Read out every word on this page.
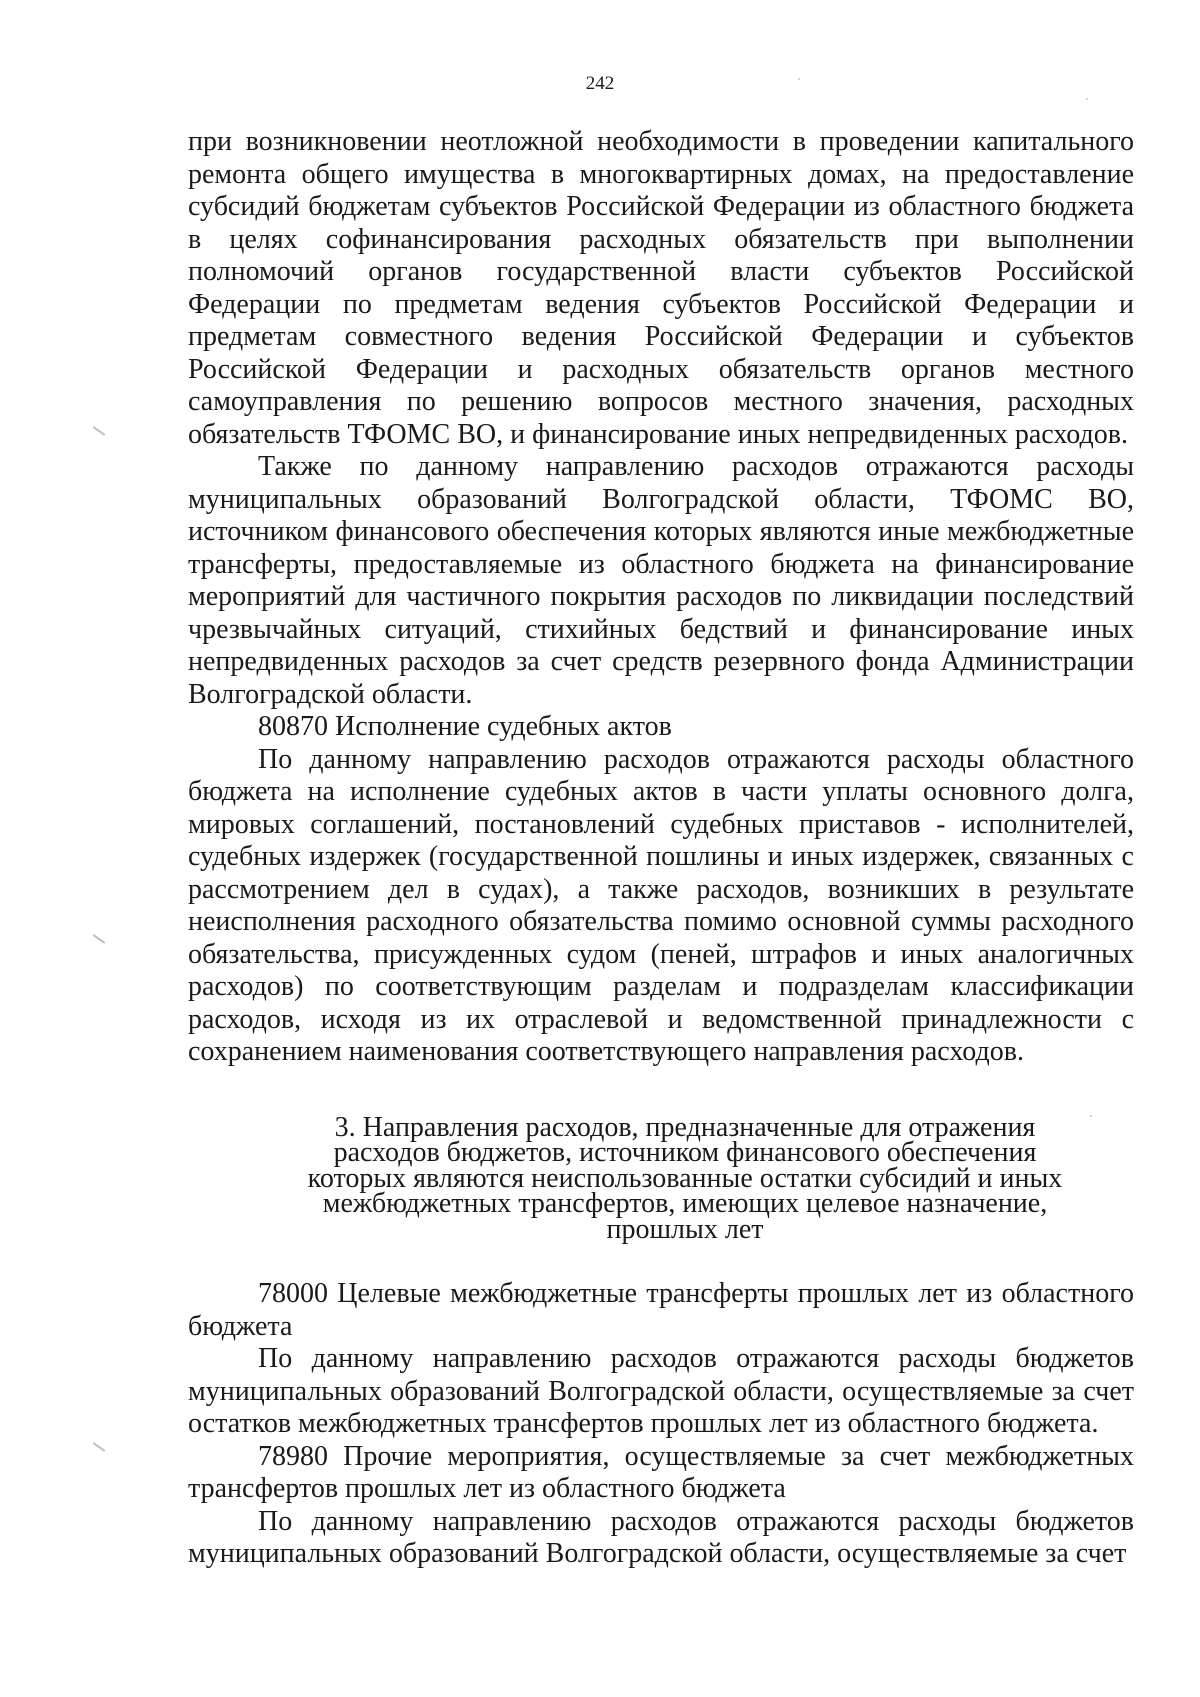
242

при возникновении неотложной необходимости в проведении капитального ремонта общего имущества в многоквартирных домах, на предоставление субсидий бюджетам субъектов Российской Федерации из областного бюджета в целях софинансирования расходных обязательств при выполнении полномочий органов государственной власти субъектов Российской Федерации по предметам ведения субъектов Российской Федерации и предметам совместного ведения Российской Федерации и субъектов Российской Федерации и расходных обязательств органов местного самоуправления по решению вопросов местного значения, расходных обязательств ТФОМС ВО, и финансирование иных непредвиденных расходов.

Также по данному направлению расходов отражаются расходы муниципальных образований Волгоградской области, ТФОМС ВО, источником финансового обеспечения которых являются иные межбюджетные трансферты, предоставляемые из областного бюджета на финансирование мероприятий для частичного покрытия расходов по ликвидации последствий чрезвычайных ситуаций, стихийных бедствий и финансирование иных непредвиденных расходов за счет средств резервного фонда Администрации Волгоградской области.

80870 Исполнение судебных актов

По данному направлению расходов отражаются расходы областного бюджета на исполнение судебных актов в части уплаты основного долга, мировых соглашений, постановлений судебных приставов - исполнителей, судебных издержек (государственной пошлины и иных издержек, связанных с рассмотрением дел в судах), а также расходов, возникших в результате неисполнения расходного обязательства помимо основной суммы расходного обязательства, присужденных судом (пеней, штрафов и иных аналогичных расходов) по соответствующим разделам и подразделам классификации расходов, исходя из их отраслевой и ведомственной принадлежности с сохранением наименования соответствующего направления расходов.

3. Направления расходов, предназначенные для отражения расходов бюджетов, источником финансового обеспечения которых являются неиспользованные остатки субсидий и иных межбюджетных трансфертов, имеющих целевое назначение, прошлых лет

78000 Целевые межбюджетные трансферты прошлых лет из областного бюджета

По данному направлению расходов отражаются расходы бюджетов муниципальных образований Волгоградской области, осуществляемые за счет остатков межбюджетных трансфертов прошлых лет из областного бюджета.

78980 Прочие мероприятия, осуществляемые за счет межбюджетных трансфертов прошлых лет из областного бюджета

По данному направлению расходов отражаются расходы бюджетов муниципальных образований Волгоградской области, осуществляемые за счет
